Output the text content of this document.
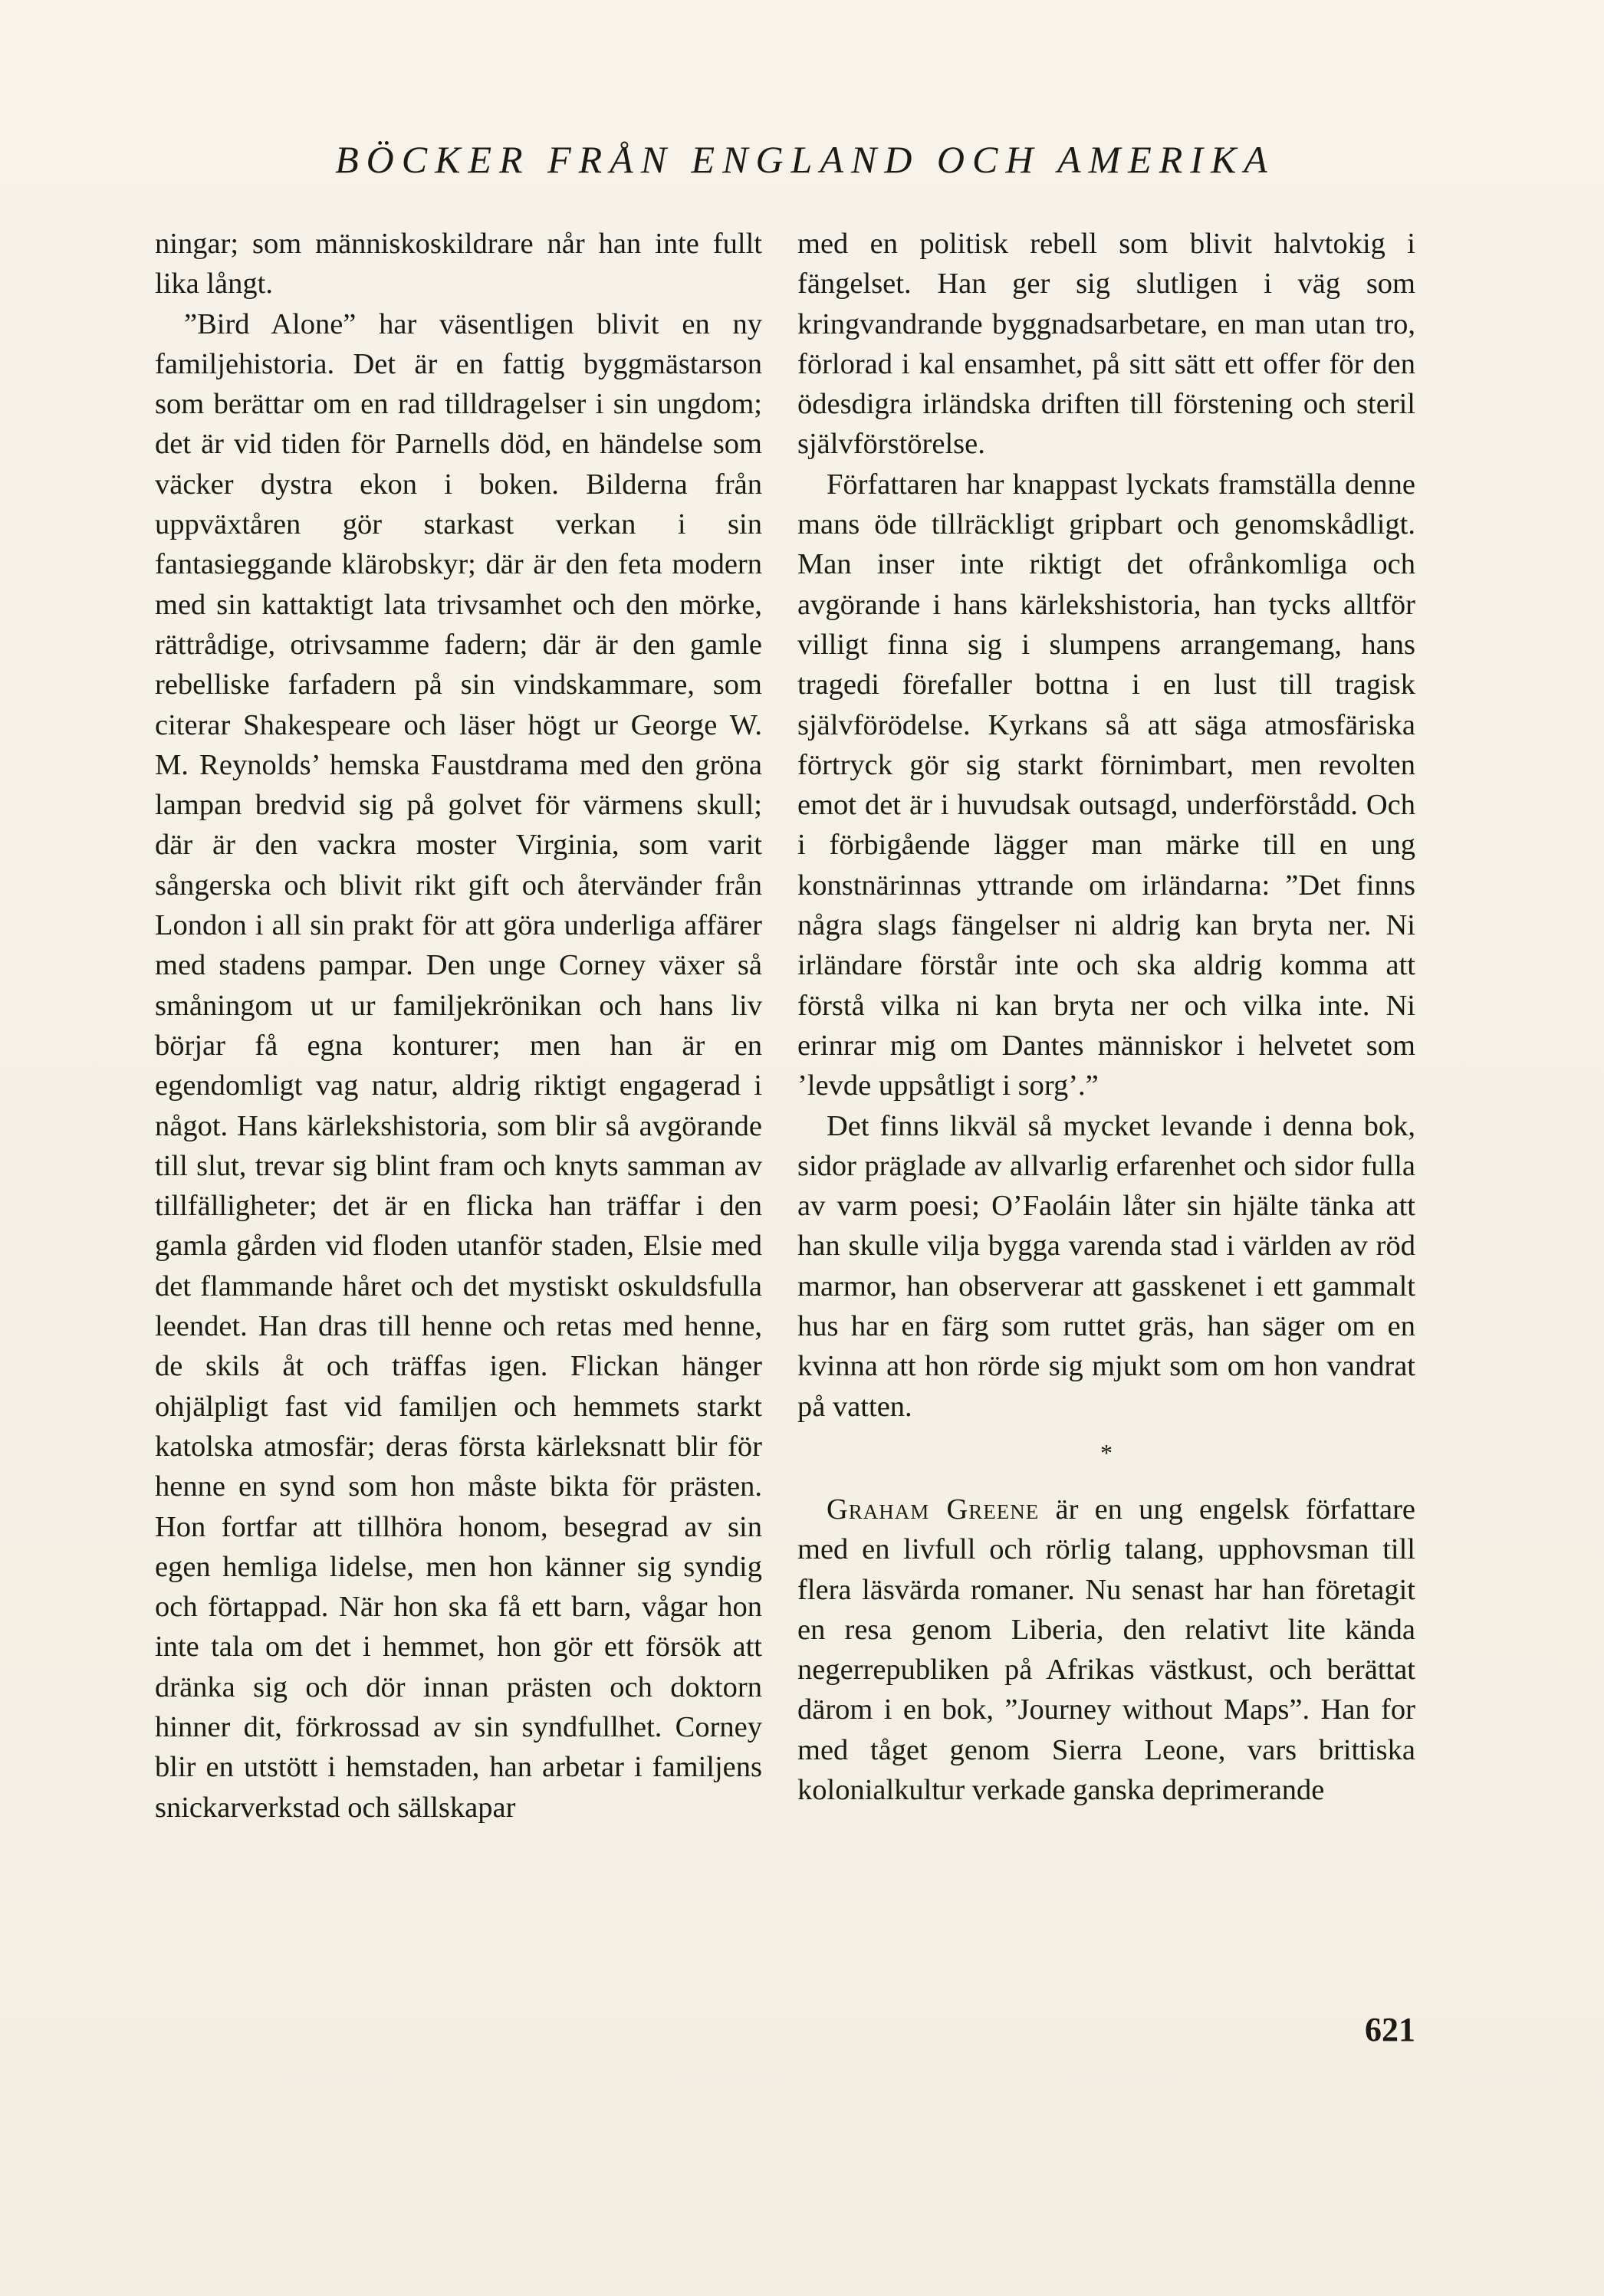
BÖCKER FRÅN ENGLAND OCH AMERIKA

ningar; som människoskildrare når han inte fullt lika långt.

”Bird Alone” har väsentligen blivit en ny familjehistoria. Det är en fattig byggmästarson som berättar om en rad tilldragelser i sin ungdom; det är vid tiden för Parnells död, en händelse som väcker dystra ekon i boken. Bilderna från uppväxtåren gör starkast verkan i sin fantasieggande klärobskyr; där är den feta modern med sin kattaktigt lata trivsamhet och den mörke, rättrådige, otrivsamme fadern; där är den gamle rebelliske farfadern på sin vindskammare, som citerar Shakespeare och läser högt ur George W. M. Reynolds’ hemska Faustdrama med den gröna lampan bredvid sig på golvet för värmens skull; där är den vackra moster Virginia, som varit sångerska och blivit rikt gift och återvänder från London i all sin prakt för att göra underliga affärer med stadens pampar. Den unge Corney växer så småningom ut ur familjekrönikan och hans liv börjar få egna konturer; men han är en egendomligt vag natur, aldrig riktigt engagerad i något. Hans kärlekshistoria, som blir så avgörande till slut, trevar sig blint fram och knyts samman av tillfälligheter; det är en flicka han träffar i den gamla gården vid floden utanför staden, Elsie med det flammande håret och det mystiskt oskuldsfulla leendet. Han dras till henne och retas med henne, de skils åt och träffas igen. Flickan hänger ohjälpligt fast vid familjen och hemmets starkt katolska atmosfär; deras första kärleksnatt blir för henne en synd som hon måste bikta för prästen. Hon fortfar att tillhöra honom, besegrad av sin egen hemliga lidelse, men hon känner sig syndig och förtappad. När hon ska få ett barn, vågar hon inte tala om det i hemmet, hon gör ett försök att dränka sig och dör innan prästen och doktorn hinner dit, förkrossad av sin syndfullhet. Corney blir en utstött i hemstaden, han arbetar i familjens snickarverkstad och sällskapar

med en politisk rebell som blivit halvtokig i fängelset. Han ger sig slutligen i väg som kringvandrande byggnadsarbetare, en man utan tro, förlorad i kal ensamhet, på sitt sätt ett offer för den ödesdigra irländska driften till förstening och steril självförstörelse.

Författaren har knappast lyckats framställa denne mans öde tillräckligt gripbart och genomskådligt. Man inser inte riktigt det ofrånkomliga och avgörande i hans kärlekshistoria, han tycks alltför villigt finna sig i slumpens arrangemang, hans tragedi förefaller bottna i en lust till tragisk självförödelse. Kyrkans så att säga atmosfäriska förtryck gör sig starkt förnimbart, men revolten emot det är i huvudsak outsagd, underförstådd. Och i förbigående lägger man märke till en ung konstnärinnas yttrande om irländarna: ”Det finns några slags fängelser ni aldrig kan bryta ner. Ni irländare förstår inte och ska aldrig komma att förstå vilka ni kan bryta ner och vilka inte. Ni erinrar mig om Dantes människor i helvetet som ’levde uppsåtligt i sorg’.”

Det finns likväl så mycket levande i denna bok, sidor präglade av allvarlig erfarenhet och sidor fulla av varm poesi; O’Faoláin låter sin hjälte tänka att han skulle vilja bygga varenda stad i världen av röd marmor, han observerar att gasskenet i ett gammalt hus har en färg som ruttet gräs, han säger om en kvinna att hon rörde sig mjukt som om hon vandrat på vatten.

*

Graham Greene är en ung engelsk författare med en livfull och rörlig talang, upphovsman till flera läsvärda romaner. Nu senast har han företagit en resa genom Liberia, den relativt lite kända negerrepubliken på Afrikas västkust, och berättat därom i en bok, ”Journey without Maps”. Han for med tåget genom Sierra Leone, vars brittiska kolonialkultur verkade ganska deprimerande

621
